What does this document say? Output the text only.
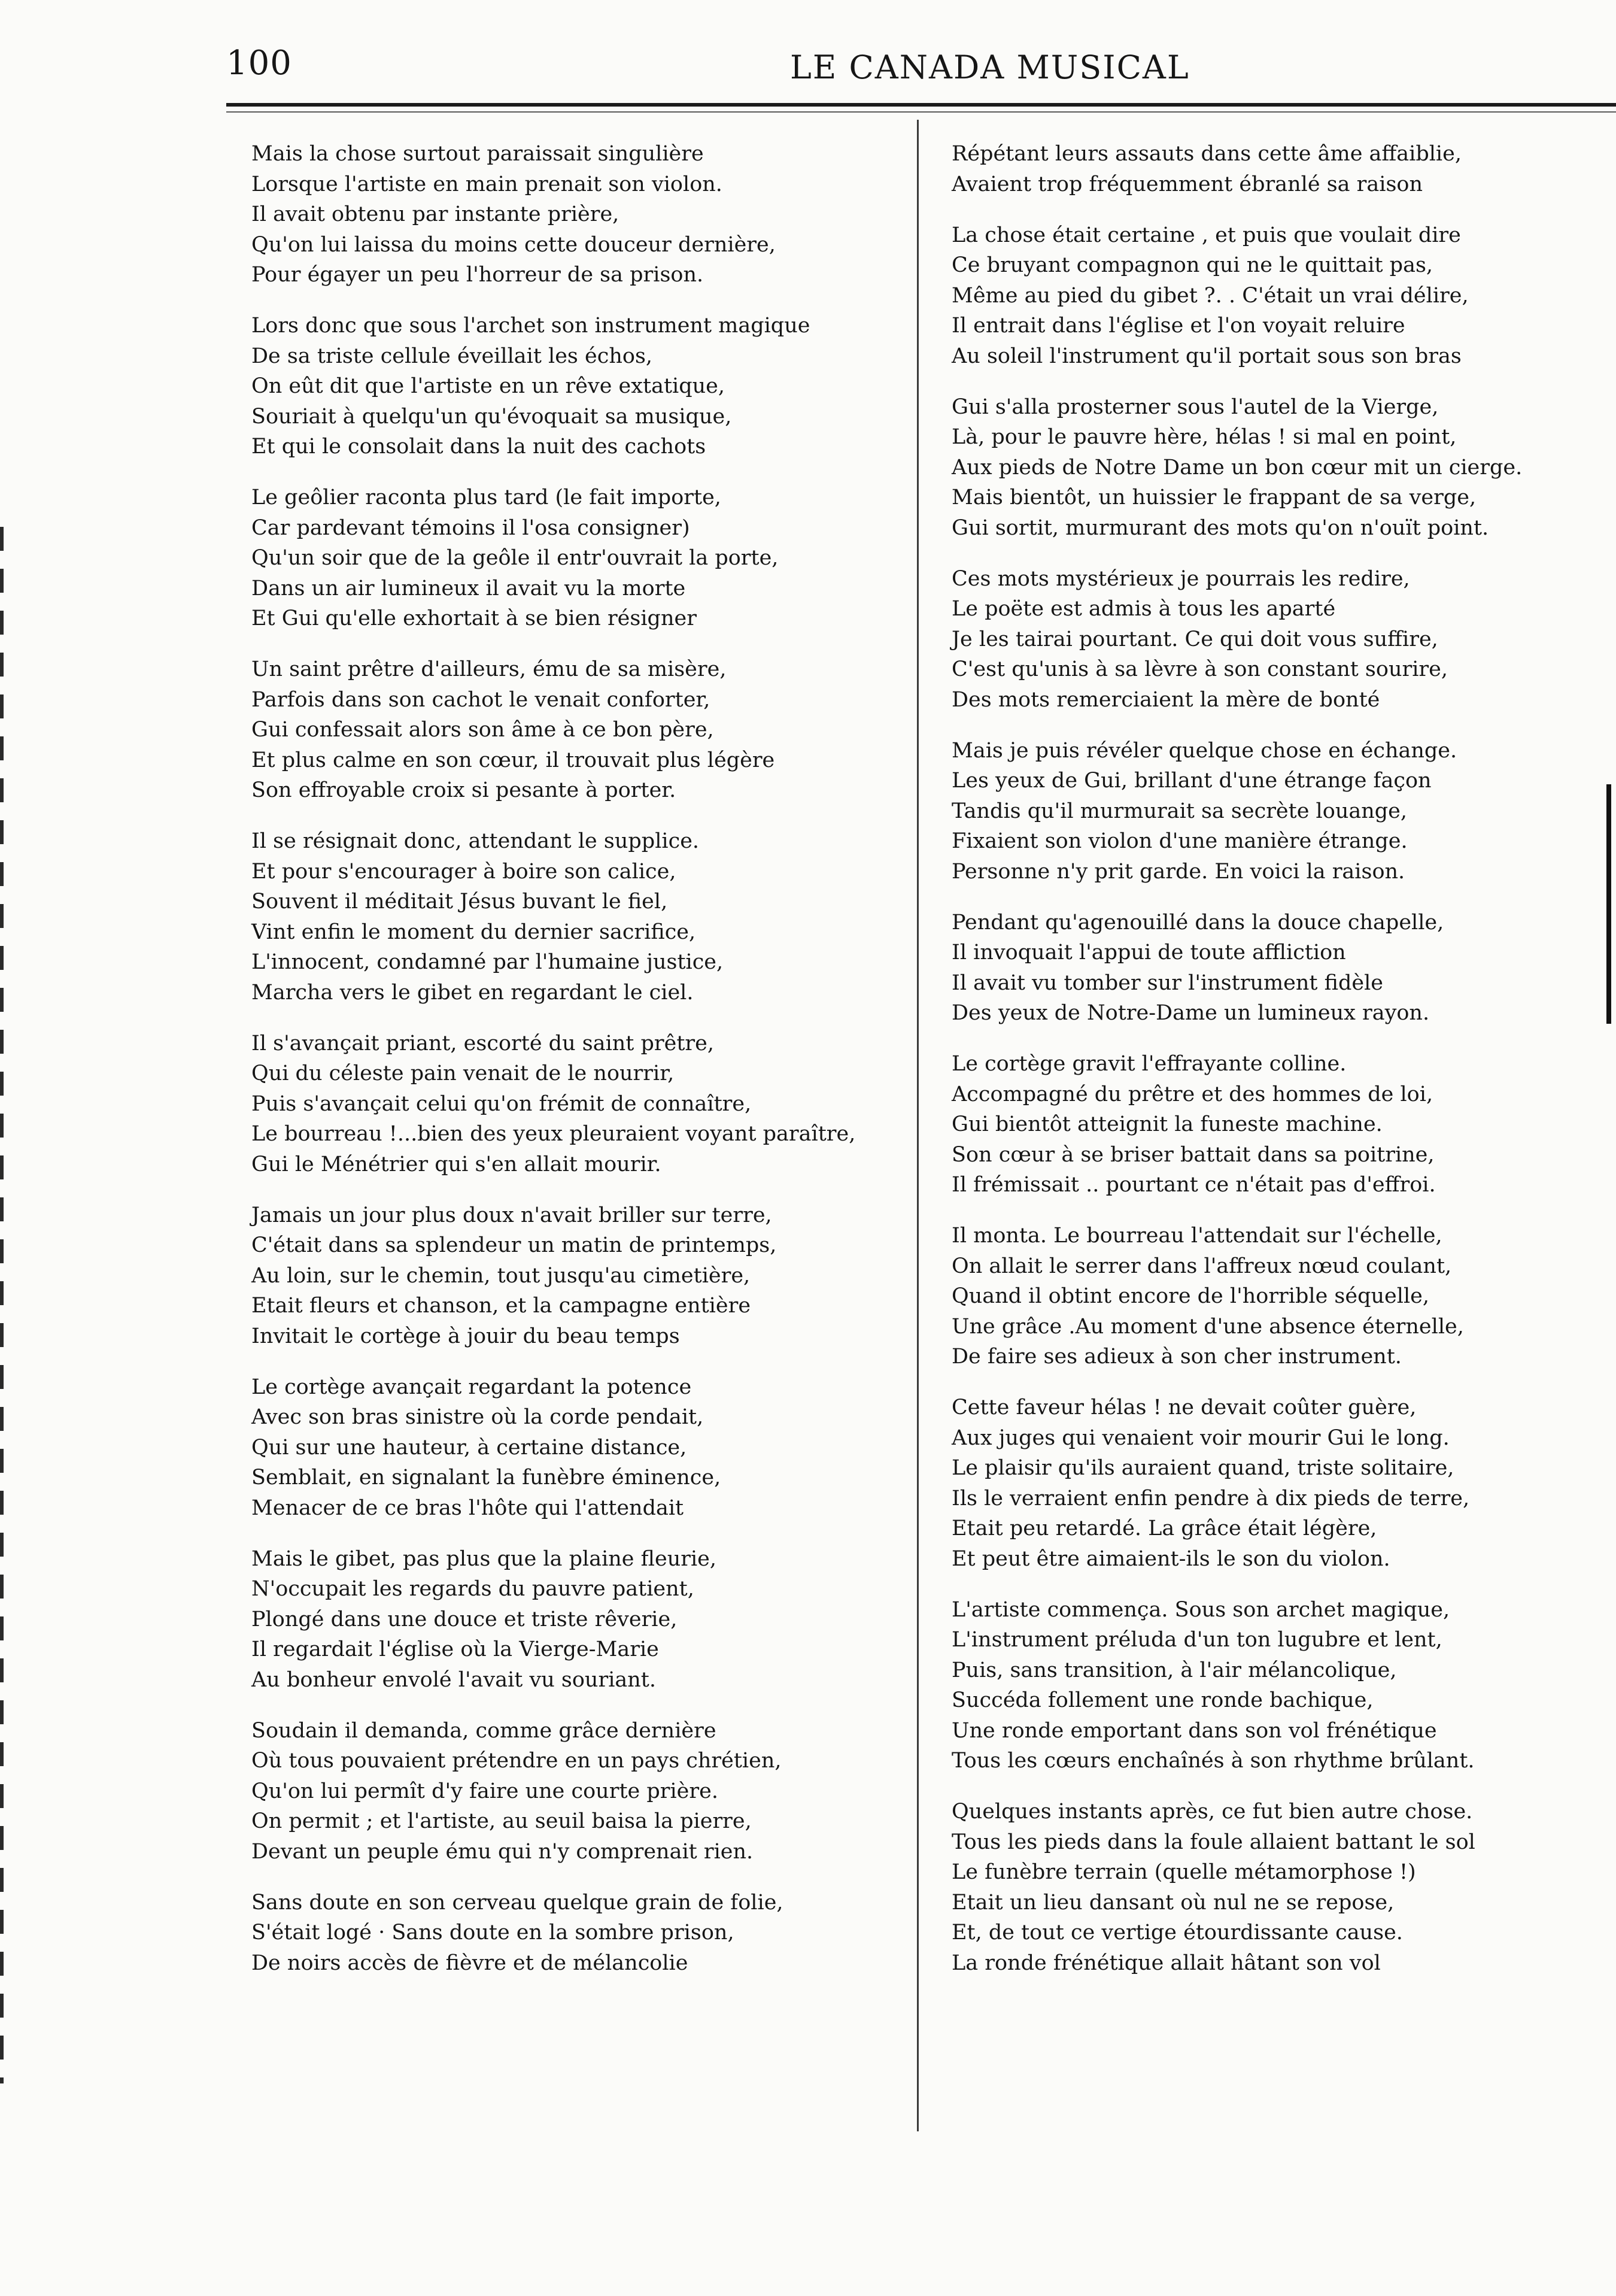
100	LE CANADA MUSICAL
Mais la chose surtout paraissait singulière
Lorsque l'artiste en main prenait son violon.
Il avait obtenu par instante prière,
Qu'on lui laissa du moins cette douceur dernière,
Pour égayer un peu l'horreur de sa prison.
Lors donc que sous l'archet son instrument magique
De sa triste cellule éveillait les échos,
On eût dit que l'artiste en un rêve extatique,
Souriait à quelqu'un qu'évoquait sa musique,
Et qui le consolait dans la nuit des cachots
Le geôlier raconta plus tard (le fait importe,
Car pardevant témoins il l'osa consigner)
Qu'un soir que de la geôle il entr'ouvrait la porte,
Dans un air lumineux il avait vu la morte
Et Gui qu'elle exhortait à se bien résigner
Un saint prêtre d'ailleurs, ému de sa misère,
Parfois dans son cachot le venait conforter,
Gui confessait alors son âme à ce bon père,
Et plus calme en son cœur, il trouvait plus légère
Son effroyable croix si pesante à porter.
Il se résignait donc, attendant le supplice.
Et pour s'encourager à boire son calice,
Souvent il méditait Jésus buvant le fiel,
Vint enfin le moment du dernier sacrifice,
L'innocent, condamné par l'humaine justice,
Marcha vers le gibet en regardant le ciel.
Il s'avançait priant, escorté du saint prêtre,
Qui du céleste pain venait de le nourrir,
Puis s'avançait celui qu'on frémit de connaître,
Le bourreau !...bien des yeux pleuraient voyant paraître,
Gui le Ménétrier qui s'en allait mourir.
Jamais un jour plus doux n'avait briller sur terre,
C'était dans sa splendeur un matin de printemps,
Au loin, sur le chemin, tout jusqu'au cimetière,
Etait fleurs et chanson, et la campagne entière
Invitait le cortège à jouir du beau temps
Le cortège avançait regardant la potence
Avec son bras sinistre où la corde pendait,
Qui sur une hauteur, à certaine distance,
Semblait, en signalant la funèbre éminence,
Menacer de ce bras l'hôte qui l'attendait
Mais le gibet, pas plus que la plaine fleurie,
N'occupait les regards du pauvre patient,
Plongé dans une douce et triste rêverie,
Il regardait l'église où la Vierge-Marie
Au bonheur envolé l'avait vu souriant.
Soudain il demanda, comme grâce dernière
Où tous pouvaient prétendre en un pays chrétien,
Qu'on lui permît d'y faire une courte prière.
On permit ; et l'artiste, au seuil baisa la pierre,
Devant un peuple ému qui n'y comprenait rien.
Sans doute en son cerveau quelque grain de folie,
S'était logé · Sans doute en la sombre prison,
De noirs accès de fièvre et de mélancolie
Répétant leurs assauts dans cette âme affaiblie,
Avaient trop fréquemment ébranlé sa raison
La chose était certaine , et puis que voulait dire
Ce bruyant compagnon qui ne le quittait pas,
Même au pied du gibet ?. . C'était un vrai délire,
Il entrait dans l'église et l'on voyait reluire
Au soleil l'instrument qu'il portait sous son bras
Gui s'alla prosterner sous l'autel de la Vierge,
Là, pour le pauvre hère, hélas ! si mal en point,
Aux pieds de Notre Dame un bon cœur mit un cierge.
Mais bientôt, un huissier le frappant de sa verge,
Gui sortit, murmurant des mots qu'on n'ouït point.
Ces mots mystérieux je pourrais les redire,
Le poëte est admis à tous les aparté
Je les tairai pourtant. Ce qui doit vous suffire,
C'est qu'unis à sa lèvre à son constant sourire,
Des mots remerciaient la mère de bonté
Mais je puis révéler quelque chose en échange.
Les yeux de Gui, brillant d'une étrange façon
Tandis qu'il murmurait sa secrète louange,
Fixaient son violon d'une manière étrange.
Personne n'y prit garde. En voici la raison.
Pendant qu'agenouillé dans la douce chapelle,
Il invoquait l'appui de toute affliction
Il avait vu tomber sur l'instrument fidèle
Des yeux de Notre-Dame un lumineux rayon.
Le cortège gravit l'effrayante colline.
Accompagné du prêtre et des hommes de loi,
Gui bientôt atteignit la funeste machine.
Son cœur à se briser battait dans sa poitrine,
Il frémissait .. pourtant ce n'était pas d'effroi.
Il monta. Le bourreau l'attendait sur l'échelle,
On allait le serrer dans l'affreux nœud coulant,
Quand il obtint encore de l'horrible séquelle,
Une grâce .Au moment d'une absence éternelle,
De faire ses adieux à son cher instrument.
Cette faveur hélas ! ne devait coûter guère,
Aux juges qui venaient voir mourir Gui le long.
Le plaisir qu'ils auraient quand, triste solitaire,
Ils le verraient enfin pendre à dix pieds de terre,
Etait peu retardé. La grâce était légère,
Et peut être aimaient-ils le son du violon.
L'artiste commença. Sous son archet magique,
L'instrument préluda d'un ton lugubre et lent,
Puis, sans transition, à l'air mélancolique,
Succéda follement une ronde bachique,
Une ronde emportant dans son vol frénétique
Tous les cœurs enchaînés à son rhythme brûlant.
Quelques instants après, ce fut bien autre chose.
Tous les pieds dans la foule allaient battant le sol
Le funèbre terrain (quelle métamorphose !)
Etait un lieu dansant où nul ne se repose,
Et, de tout ce vertige étourdissante cause.
La ronde frénétique allait hâtant son vol
